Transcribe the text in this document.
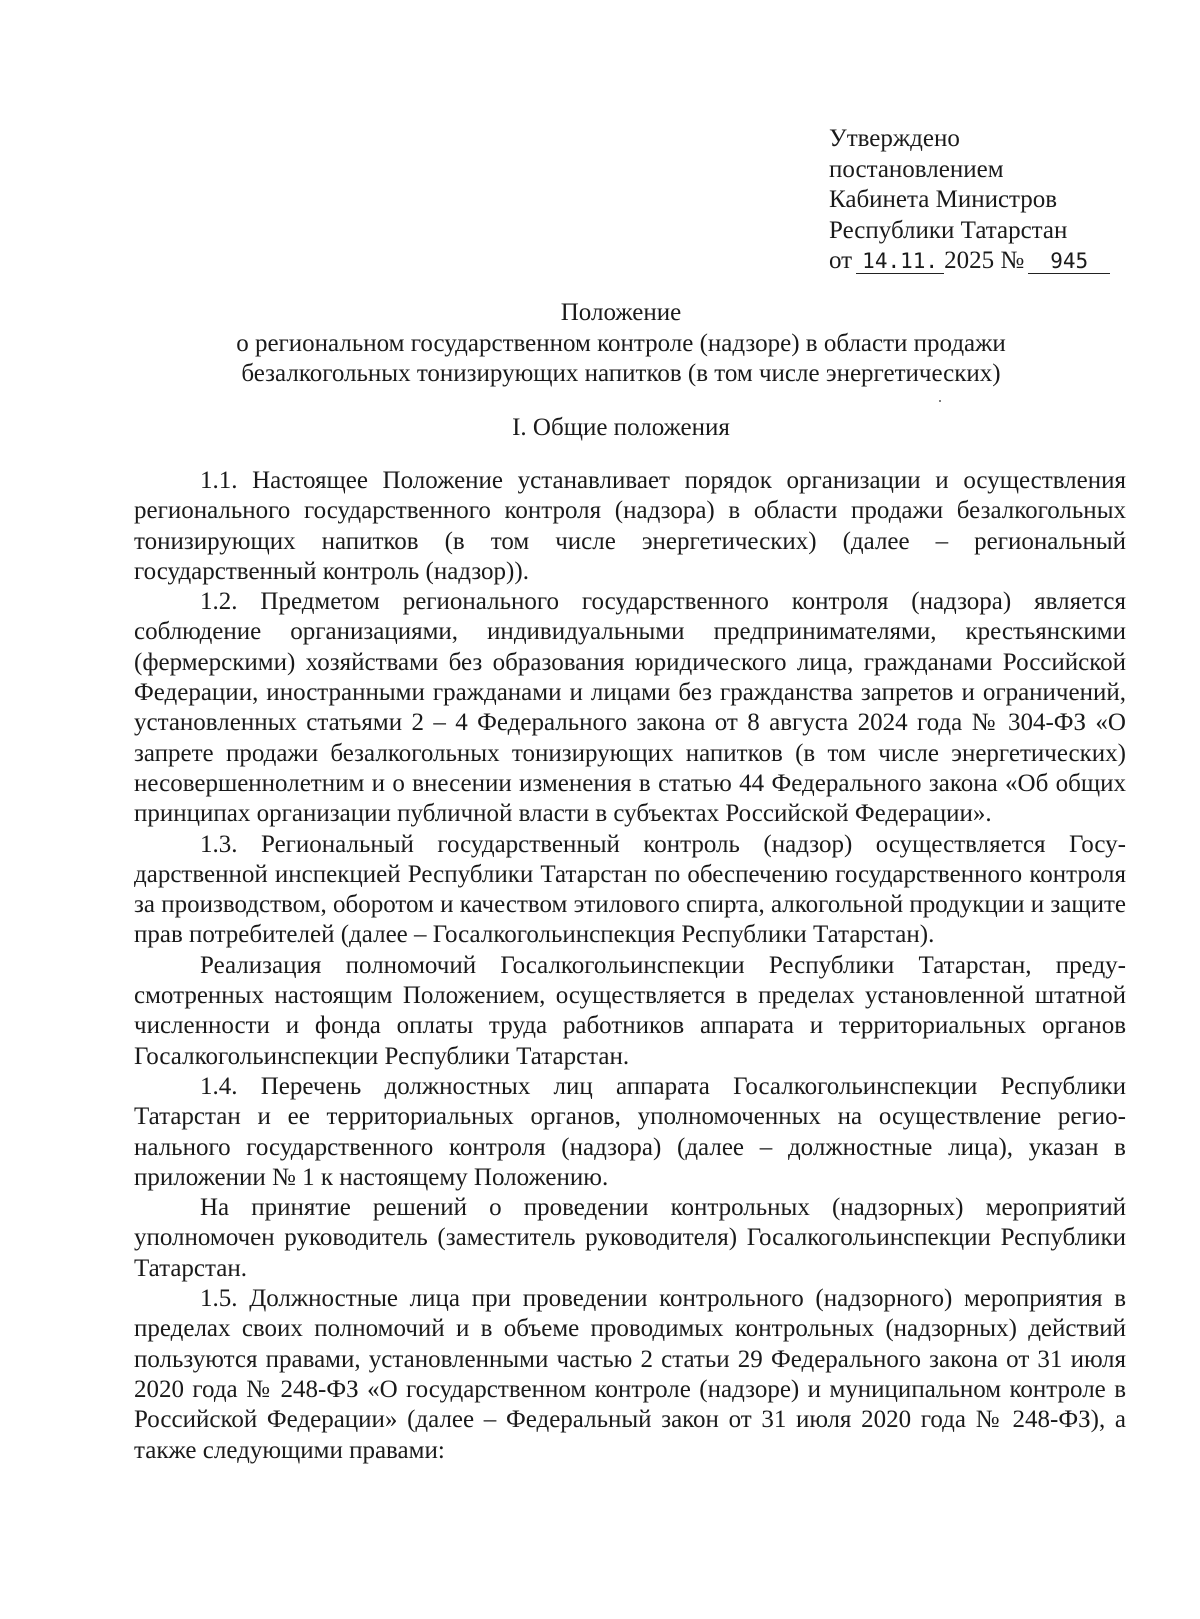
Утверждено
постановлением
Кабинета Министров
Республики Татарстан
от 14.11. 2025 № 945
Положение
о региональном государственном контроле (надзоре) в области продажи
безалкогольных тонизирующих напитков (в том числе энергетических)
I. Общие положения

1.1. Настоящее Положение устанавливает порядок организации и осуществления регионального государственного контроля (надзора) в области продажи безалкогольных тонизирующих напитков (в том числе энергетических) (далее – региональный государственный контроль (надзор)).

1.2. Предметом регионального государственного контроля (надзора) является соблюдение организациями, индивидуальными предпринимателями, крестьянскими (фермерскими) хозяйствами без образования юридического лица, гражданами Российской Федерации, иностранными гражданами и лицами без гражданства запретов и ограничений, установленных статьями 2 – 4 Федерального закона от 8 августа 2024 года № 304-ФЗ «О запрете продажи безалкогольных тонизирующих напитков (в том числе энергетических) несовершеннолетним и о внесении изменения в статью 44 Федерального закона «Об общих принципах организации публичной власти в субъектах Российской Федерации».

1.3. Региональный государственный контроль (надзор) осуществляется Государственной инспекцией Республики Татарстан по обеспечению государственного контроля за производством, оборотом и качеством этилового спирта, алкогольной продукции и защите прав потребителей (далее – Госалкогольинспекция Республики Татарстан).

Реализация полномочий Госалкогольинспекции Республики Татарстан, предусмотренных настоящим Положением, осуществляется в пределах установленной штатной численности и фонда оплаты труда работников аппарата и территориальных органов Госалкогольинспекции Республики Татарстан.

1.4. Перечень должностных лиц аппарата Госалкогольинспекции Республики Татарстан и ее территориальных органов, уполномоченных на осуществление регионального государственного контроля (надзора) (далее – должностные лица), указан в приложении № 1 к настоящему Положению.

На принятие решений о проведении контрольных (надзорных) мероприятий уполномочен руководитель (заместитель руководителя) Госалкогольинспекции Республики Татарстан.

1.5. Должностные лица при проведении контрольного (надзорного) мероприятия в пределах своих полномочий и в объеме проводимых контрольных (надзорных) действий пользуются правами, установленными частью 2 статьи 29 Федерального закона от 31 июля 2020 года № 248-ФЗ «О государственном контроле (надзоре) и муниципальном контроле в Российской Федерации» (далее – Федеральный закон от 31 июля 2020 года № 248-ФЗ), а также следующими правами:
